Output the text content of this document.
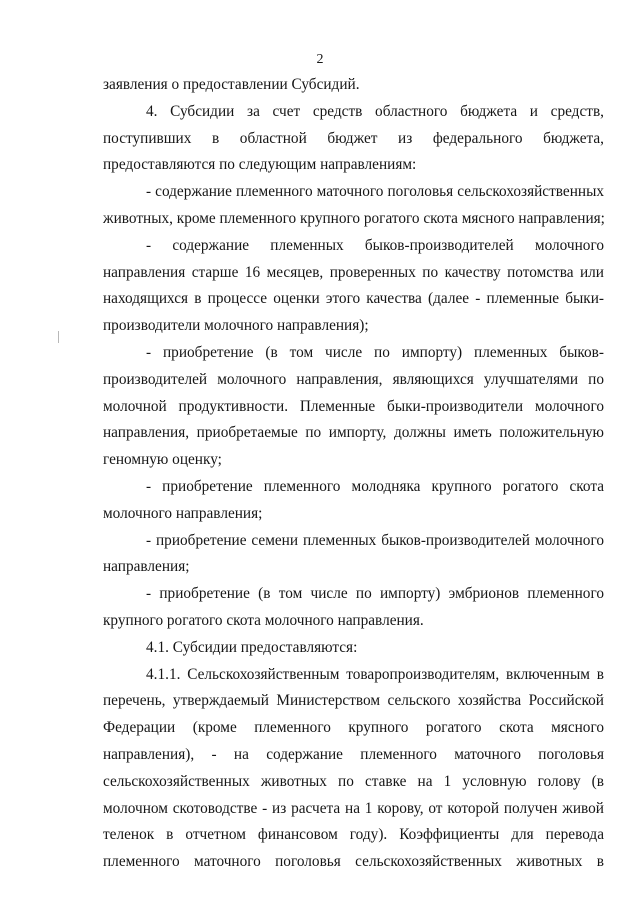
2
заявления о предоставлении Субсидий.
4. Субсидии за счет средств областного бюджета и средств,
поступивших в областной бюджет из федерального бюджета,
предоставляются по следующим направлениям:
- содержание племенного маточного поголовья сельскохозяйственных
животных, кроме племенного крупного рогатого скота мясного направления;
- содержание племенных быков-производителей молочного
направления старше 16 месяцев, проверенных по качеству потомства или
находящихся в процессе оценки этого качества (далее - племенные быки-
производители молочного направления);
- приобретение (в том числе по импорту) племенных быков-
производителей молочного направления, являющихся улучшателями по
молочной продуктивности. Племенные быки-производители молочного
направления, приобретаемые по импорту, должны иметь положительную
геномную оценку;
- приобретение племенного молодняка крупного рогатого скота
молочного направления;
- приобретение семени племенных быков-производителей молочного
направления;
- приобретение (в том числе по импорту) эмбрионов племенного
крупного рогатого скота молочного направления.
4.1. Субсидии предоставляются:
4.1.1. Сельскохозяйственным товаропроизводителям, включенным в
перечень, утверждаемый Министерством сельского хозяйства Российской
Федерации (кроме племенного крупного рогатого скота мясного
направления), - на содержание племенного маточного поголовья
сельскохозяйственных животных по ставке на 1 условную голову (в
молочном скотоводстве - из расчета на 1 корову, от которой получен живой
теленок в отчетном финансовом году). Коэффициенты для перевода
племенного маточного поголовья сельскохозяйственных животных в
